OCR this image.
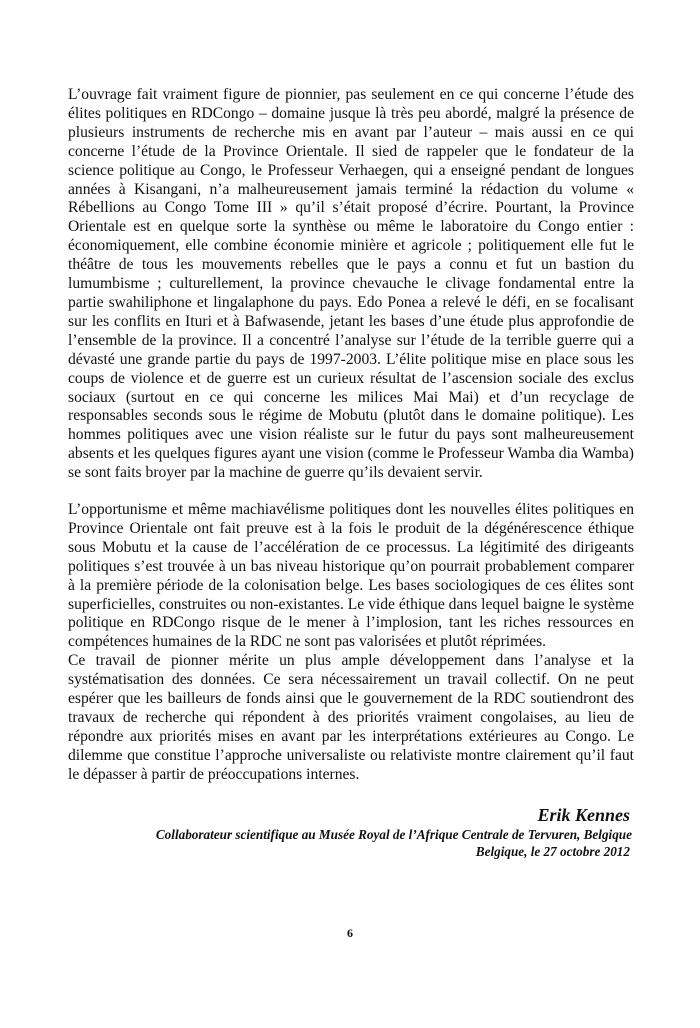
L’ouvrage fait vraiment figure de pionnier, pas seulement en ce qui concerne l’étude des élites politiques en RDCongo – domaine jusque là très peu abordé, malgré la présence de plusieurs instruments de recherche mis en avant par l’auteur – mais aussi en ce qui concerne l’étude de la Province Orientale. Il sied de rappeler que le fondateur de la science politique au Congo, le Professeur Verhaegen, qui a enseigné pendant de longues années à Kisangani, n’a malheureusement jamais terminé la rédaction du volume « Rébellions au Congo Tome III » qu’il s’était proposé d’écrire. Pourtant, la Province Orientale est en quelque sorte la synthèse ou même le laboratoire du Congo entier : économiquement, elle combine économie minière et agricole ; politiquement elle fut le théâtre de tous les mouvements rebelles que le pays a connu et fut un bastion du lumumbisme ; culturellement, la province chevauche le clivage fondamental entre la partie swahiliphone et lingalaphone du pays. Edo Ponea a relevé le défi, en se focalisant sur les conflits en Ituri et à Bafwasende, jetant les bases d’une étude plus approfondie de l’ensemble de la province. Il a concentré l’analyse sur l’étude de la terrible guerre qui a dévasté une grande partie du pays de 1997-2003. L’élite politique mise en place sous les coups de violence et de guerre est un curieux résultat de l’ascension sociale des exclus sociaux (surtout en ce qui concerne les milices Mai Mai) et d’un recyclage de responsables seconds sous le régime de Mobutu (plutôt dans le domaine politique). Les hommes politiques avec une vision réaliste sur le futur du pays sont malheureusement absents et les quelques figures ayant une vision (comme le Professeur Wamba dia Wamba) se sont faits broyer par la machine de guerre qu’ils devaient servir.

L’opportunisme et même machiavélisme politiques dont les nouvelles élites politiques en Province Orientale ont fait preuve est à la fois le produit de la dégénérescence éthique sous Mobutu et la cause de l’accélération de ce processus. La légitimité des dirigeants politiques s’est trouvée à un bas niveau historique qu’on pourrait probablement comparer à la première période de la colonisation belge. Les bases sociologiques de ces élites sont superficielles, construites ou non-existantes. Le vide éthique dans lequel baigne le système politique en RDCongo risque de le mener à l’implosion, tant les riches ressources en compétences humaines de la RDC ne sont pas valorisées et plutôt réprimées.

Ce travail de pionner mérite un plus ample développement dans l’analyse et la systématisation des données. Ce sera nécessairement un travail collectif. On ne peut espérer que les bailleurs de fonds ainsi que le gouvernement de la RDC soutiendront des travaux de recherche qui répondent à des priorités vraiment congolaises, au lieu de répondre aux priorités mises en avant par les interprétations extérieures au Congo. Le dilemme que constitue l’approche universaliste ou relativiste montre clairement qu’il faut le dépasser à partir de préoccupations internes.

Erik Kennes
Collaborateur scientifique au Musée Royal de l’Afrique Centrale de Tervuren, Belgique
Belgique, le 27 octobre 2012
6
